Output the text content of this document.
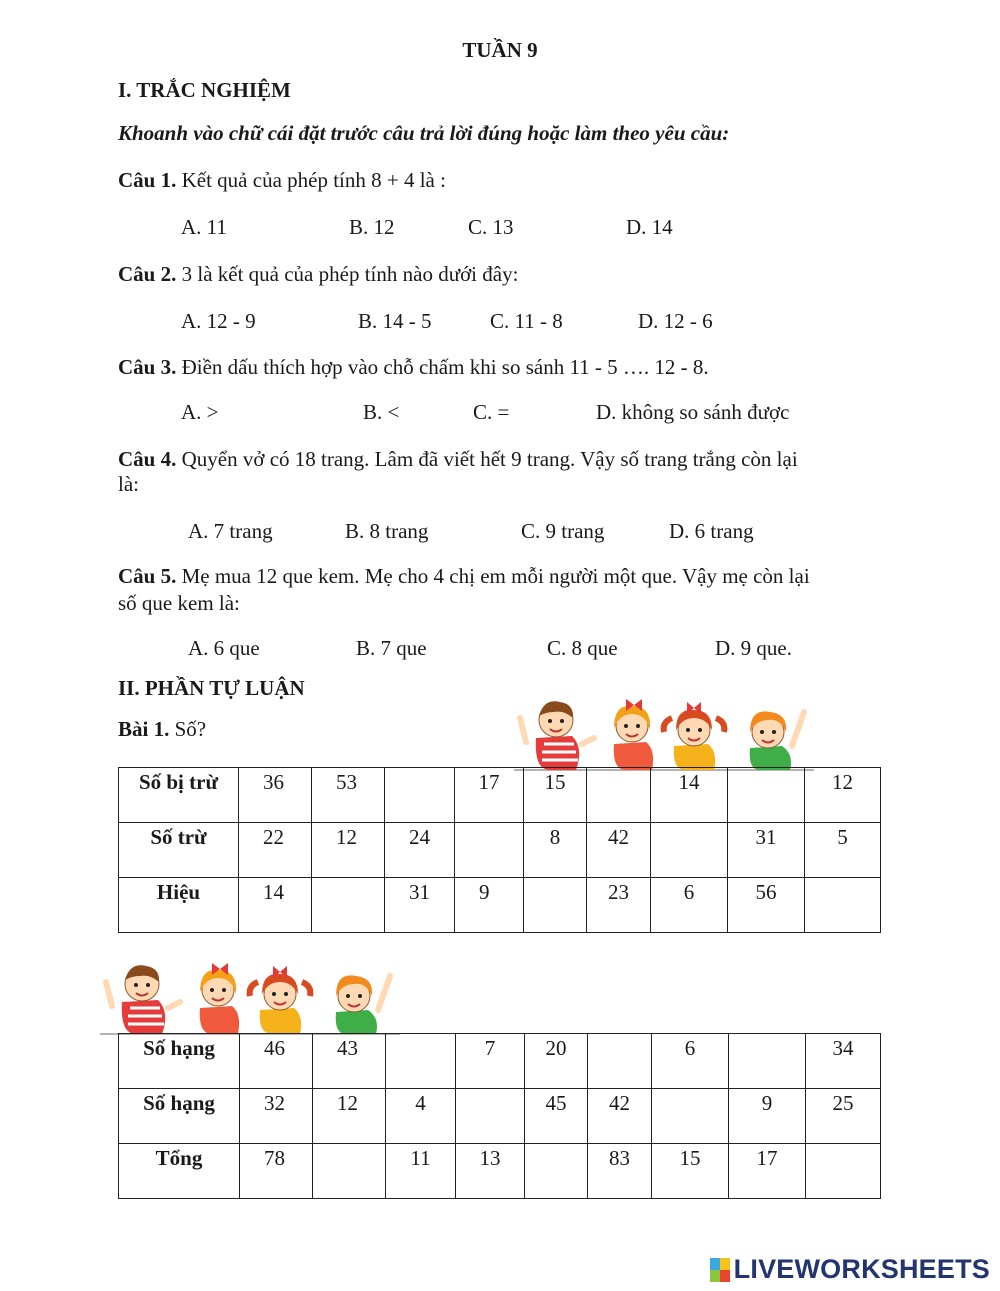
TUẦN 9
I. TRẮC NGHIỆM
Khoanh vào chữ cái đặt trước câu trả lời đúng hoặc làm theo yêu cầu:
Câu 1. Kết quả của phép tính 8 + 4 là :
A. 11	B. 12	C. 13	D. 14
Câu 2. 3 là kết quả của phép tính nào dưới đây:
A. 12 - 9	B. 14 - 5	C. 11 - 8	D. 12 - 6
Câu 3. Điền dấu thích hợp vào chỗ chấm khi so sánh 11 - 5 …. 12 - 8.
A. >	B. <	C. =	D. không so sánh được
Câu 4. Quyển vở có 18 trang. Lâm đã viết hết 9 trang. Vậy số trang trắng còn lại
là:
A. 7 trang	B. 8 trang	C. 9 trang	D. 6 trang
Câu 5. Mẹ mua 12 que kem. Mẹ cho 4 chị em mỗi người một que. Vậy mẹ còn lại
số que kem là:
A. 6 que	B. 7 que	C. 8 que	D. 9 que.
II. PHẦN TỰ LUẬN
Bài 1. Số?
Số bị trừ	36	53		17	15		14		12
Số trừ	22	12	24		8	42		31	5
Hiệu	14		31	9		23	6	56	
Số hạng	46	43		7	20		6		34
Số hạng	32	12	4		45	42		9	25
Tổng	78		11	13		83	15	17	
LIVEWORKSHEETS
